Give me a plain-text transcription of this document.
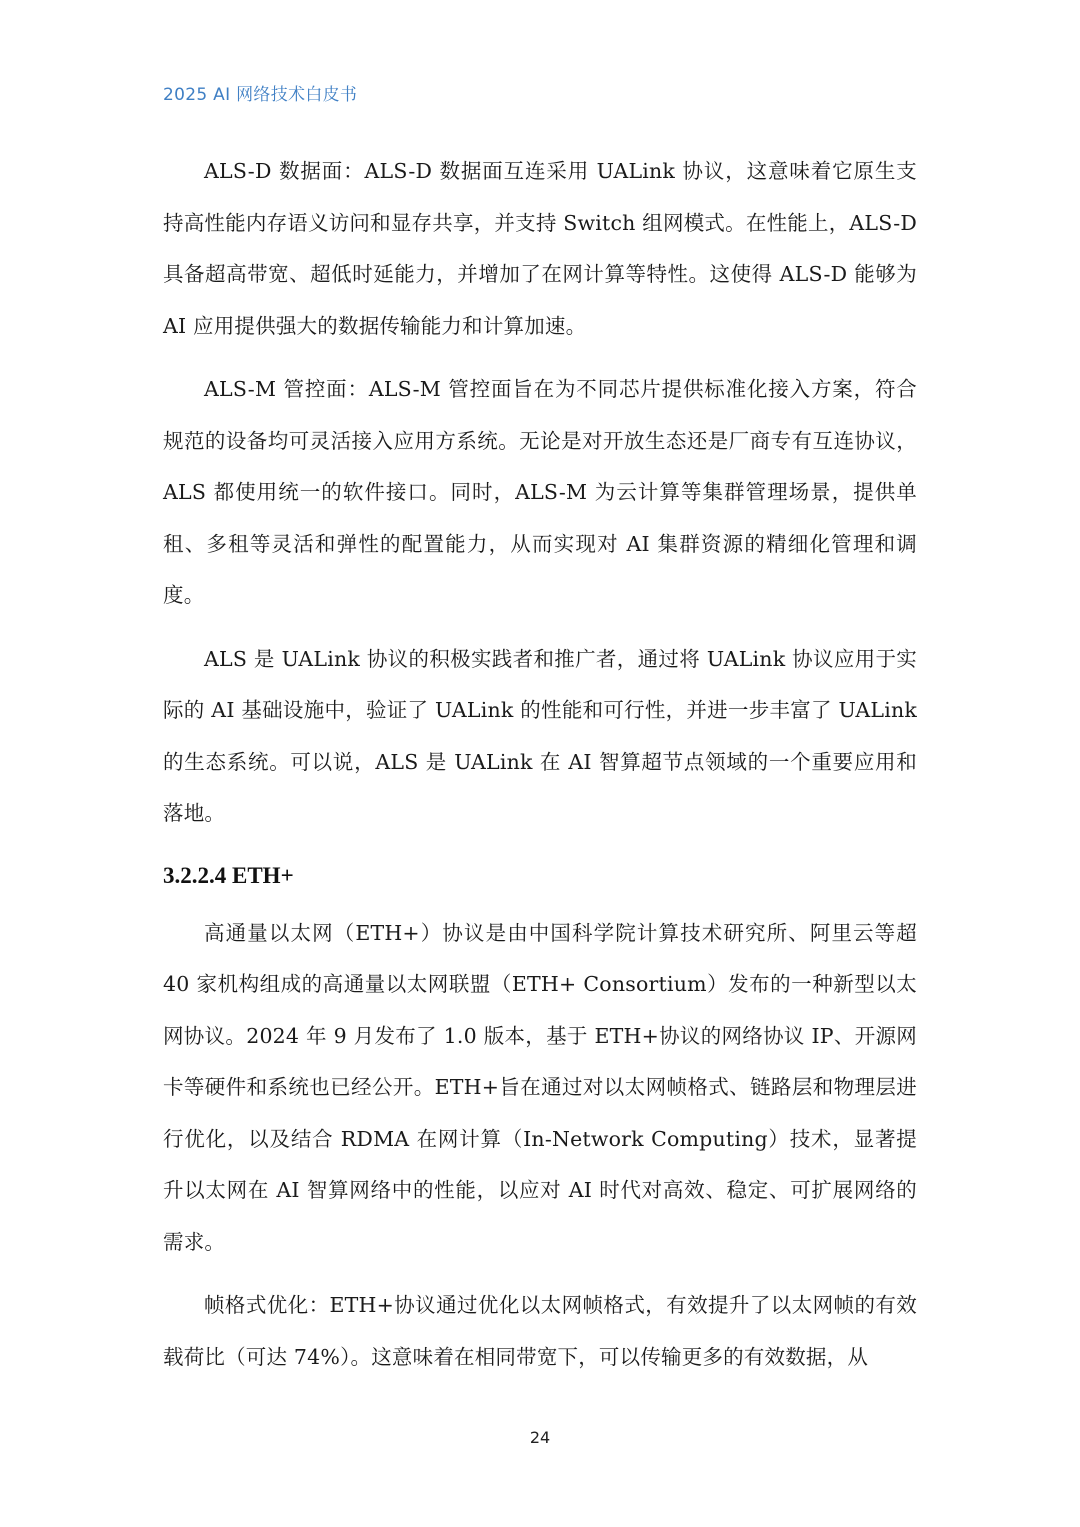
2025 AI 网络技术白皮书

ALS-D 数据面：ALS-D 数据面互连采用 UALink 协议，这意味着它原生支持高性能内存语义访问和显存共享，并支持 Switch 组网模式。在性能上，ALS-D 具备超高带宽、超低时延能力，并增加了在网计算等特性。这使得 ALS-D 能够为 AI 应用提供强大的数据传输能力和计算加速。

ALS-M 管控面：ALS-M 管控面旨在为不同芯片提供标准化接入方案，符合规范的设备均可灵活接入应用方系统。无论是对开放生态还是厂商专有互连协议，ALS 都使用统一的软件接口。同时，ALS-M 为云计算等集群管理场景，提供单租、多租等灵活和弹性的配置能力，从而实现对 AI 集群资源的精细化管理和调度。

ALS 是 UALink 协议的积极实践者和推广者，通过将 UALink 协议应用于实际的 AI 基础设施中，验证了 UALink 的性能和可行性，并进一步丰富了 UALink 的生态系统。可以说，ALS 是 UALink 在 AI 智算超节点领域的一个重要应用和落地。

3.2.2.4 ETH+

高通量以太网（ETH+）协议是由中国科学院计算技术研究所、阿里云等超 40 家机构组成的高通量以太网联盟（ETH+ Consortium）发布的一种新型以太网协议。2024 年 9 月发布了 1.0 版本，基于 ETH+协议的网络协议 IP、开源网卡等硬件和系统也已经公开。ETH+旨在通过对以太网帧格式、链路层和物理层进行优化，以及结合 RDMA 在网计算（In-Network Computing）技术，显著提升以太网在 AI 智算网络中的性能，以应对 AI 时代对高效、稳定、可扩展网络的需求。

帧格式优化：ETH+协议通过优化以太网帧格式，有效提升了以太网帧的有效载荷比（可达 74%）。这意味着在相同带宽下，可以传输更多的有效数据，从

24
